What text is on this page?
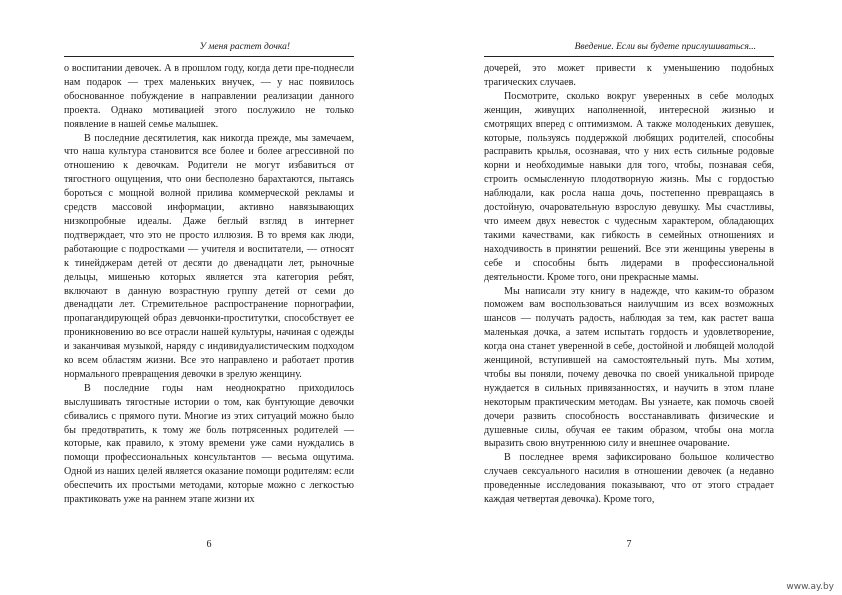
У меня растет дочка!

о воспитании девочек. А в прошлом году, когда дети пре-поднесли нам подарок — трех маленьких внучек, — у нас появилось обоснованное побуждение в направлении реализации данного проекта. Однако мотивацией этого послужило не только появление в нашей семье малышек.

В последние десятилетия, как никогда прежде, мы замечаем, что наша культура становится все более и более агрессивной по отношению к девочкам. Родители не могут избавиться от тягостного ощущения, что они бесполезно барахтаются, пытаясь бороться с мощной волной прилива коммерческой рекламы и средств массовой информации, активно навязывающих низкопробные идеалы. Даже беглый взгляд в интернет подтверждает, что это не просто иллюзия. В то время как люди, работающие с подростками — учителя и воспитатели, — относят к тинейджерам детей от десяти до двенадцати лет, рыночные дельцы, мишенью которых является эта категория ребят, включают в данную возрастную группу детей от семи до двенадцати лет. Стремительное распространение порнографии, пропагандирующей образ девчонки-проститутки, способствует ее проникновению во все отрасли нашей культуры, начиная с одежды и заканчивая музыкой, наряду с индивидуалистическим подходом ко всем областям жизни. Все это направлено и работает против нормального превращения девочки в зрелую женщину.

В последние годы нам неоднократно приходилось выслушивать тягостные истории о том, как бунтующие девочки сбивались с прямого пути. Многие из этих ситуаций можно было бы предотвратить, к тому же боль потрясенных родителей — которые, как правило, к этому времени уже сами нуждались в помощи профессиональных консультантов — весьма ощутима. Одной из наших целей является оказание помощи родителям: если обеспечить их простыми методами, которые можно с легкостью практиковать уже на раннем этапе жизни их

6
Введение. Если вы будете прислушиваться...

дочерей, это может привести к уменьшению подобных трагических случаев.

Посмотрите, сколько вокруг уверенных в себе молодых женщин, живущих наполненной, интересной жизнью и смотрящих вперед с оптимизмом. А также молоденьких девушек, которые, пользуясь поддержкой любящих родителей, способны расправить крылья, осознавая, что у них есть сильные родовые корни и необходимые навыки для того, чтобы, познавая себя, строить осмысленную плодотворную жизнь. Мы с гордостью наблюдали, как росла наша дочь, постепенно превращаясь в достойную, очаровательную взрослую девушку. Мы счастливы, что имеем двух невесток с чудесным характером, обладающих такими качествами, как гибкость в семейных отношениях и находчивость в принятии решений. Все эти женщины уверены в себе и способны быть лидерами в профессиональной деятельности. Кроме того, они прекрасные мамы.

Мы написали эту книгу в надежде, что каким-то образом поможем вам воспользоваться наилучшим из всех возможных шансов — получать радость, наблюдая за тем, как растет ваша маленькая дочка, а затем испытать гордость и удовлетворение, когда она станет уверенной в себе, достойной и любящей молодой женщиной, вступившей на самостоятельный путь. Мы хотим, чтобы вы поняли, почему девочка по своей уникальной природе нуждается в сильных привязанностях, и научить в этом плане некоторым практическим методам. Вы узнаете, как помочь своей дочери развить способность восстанавливать физические и душевные силы, обучая ее таким образом, чтобы она могла выразить свою внутреннюю силу и внешнее очарование.

В последнее время зафиксировано большое количество случаев сексуального насилия в отношении девочек (а недавно проведенные исследования показывают, что от этого страдает каждая четвертая девочка). Кроме того,

7
www.ay.by
